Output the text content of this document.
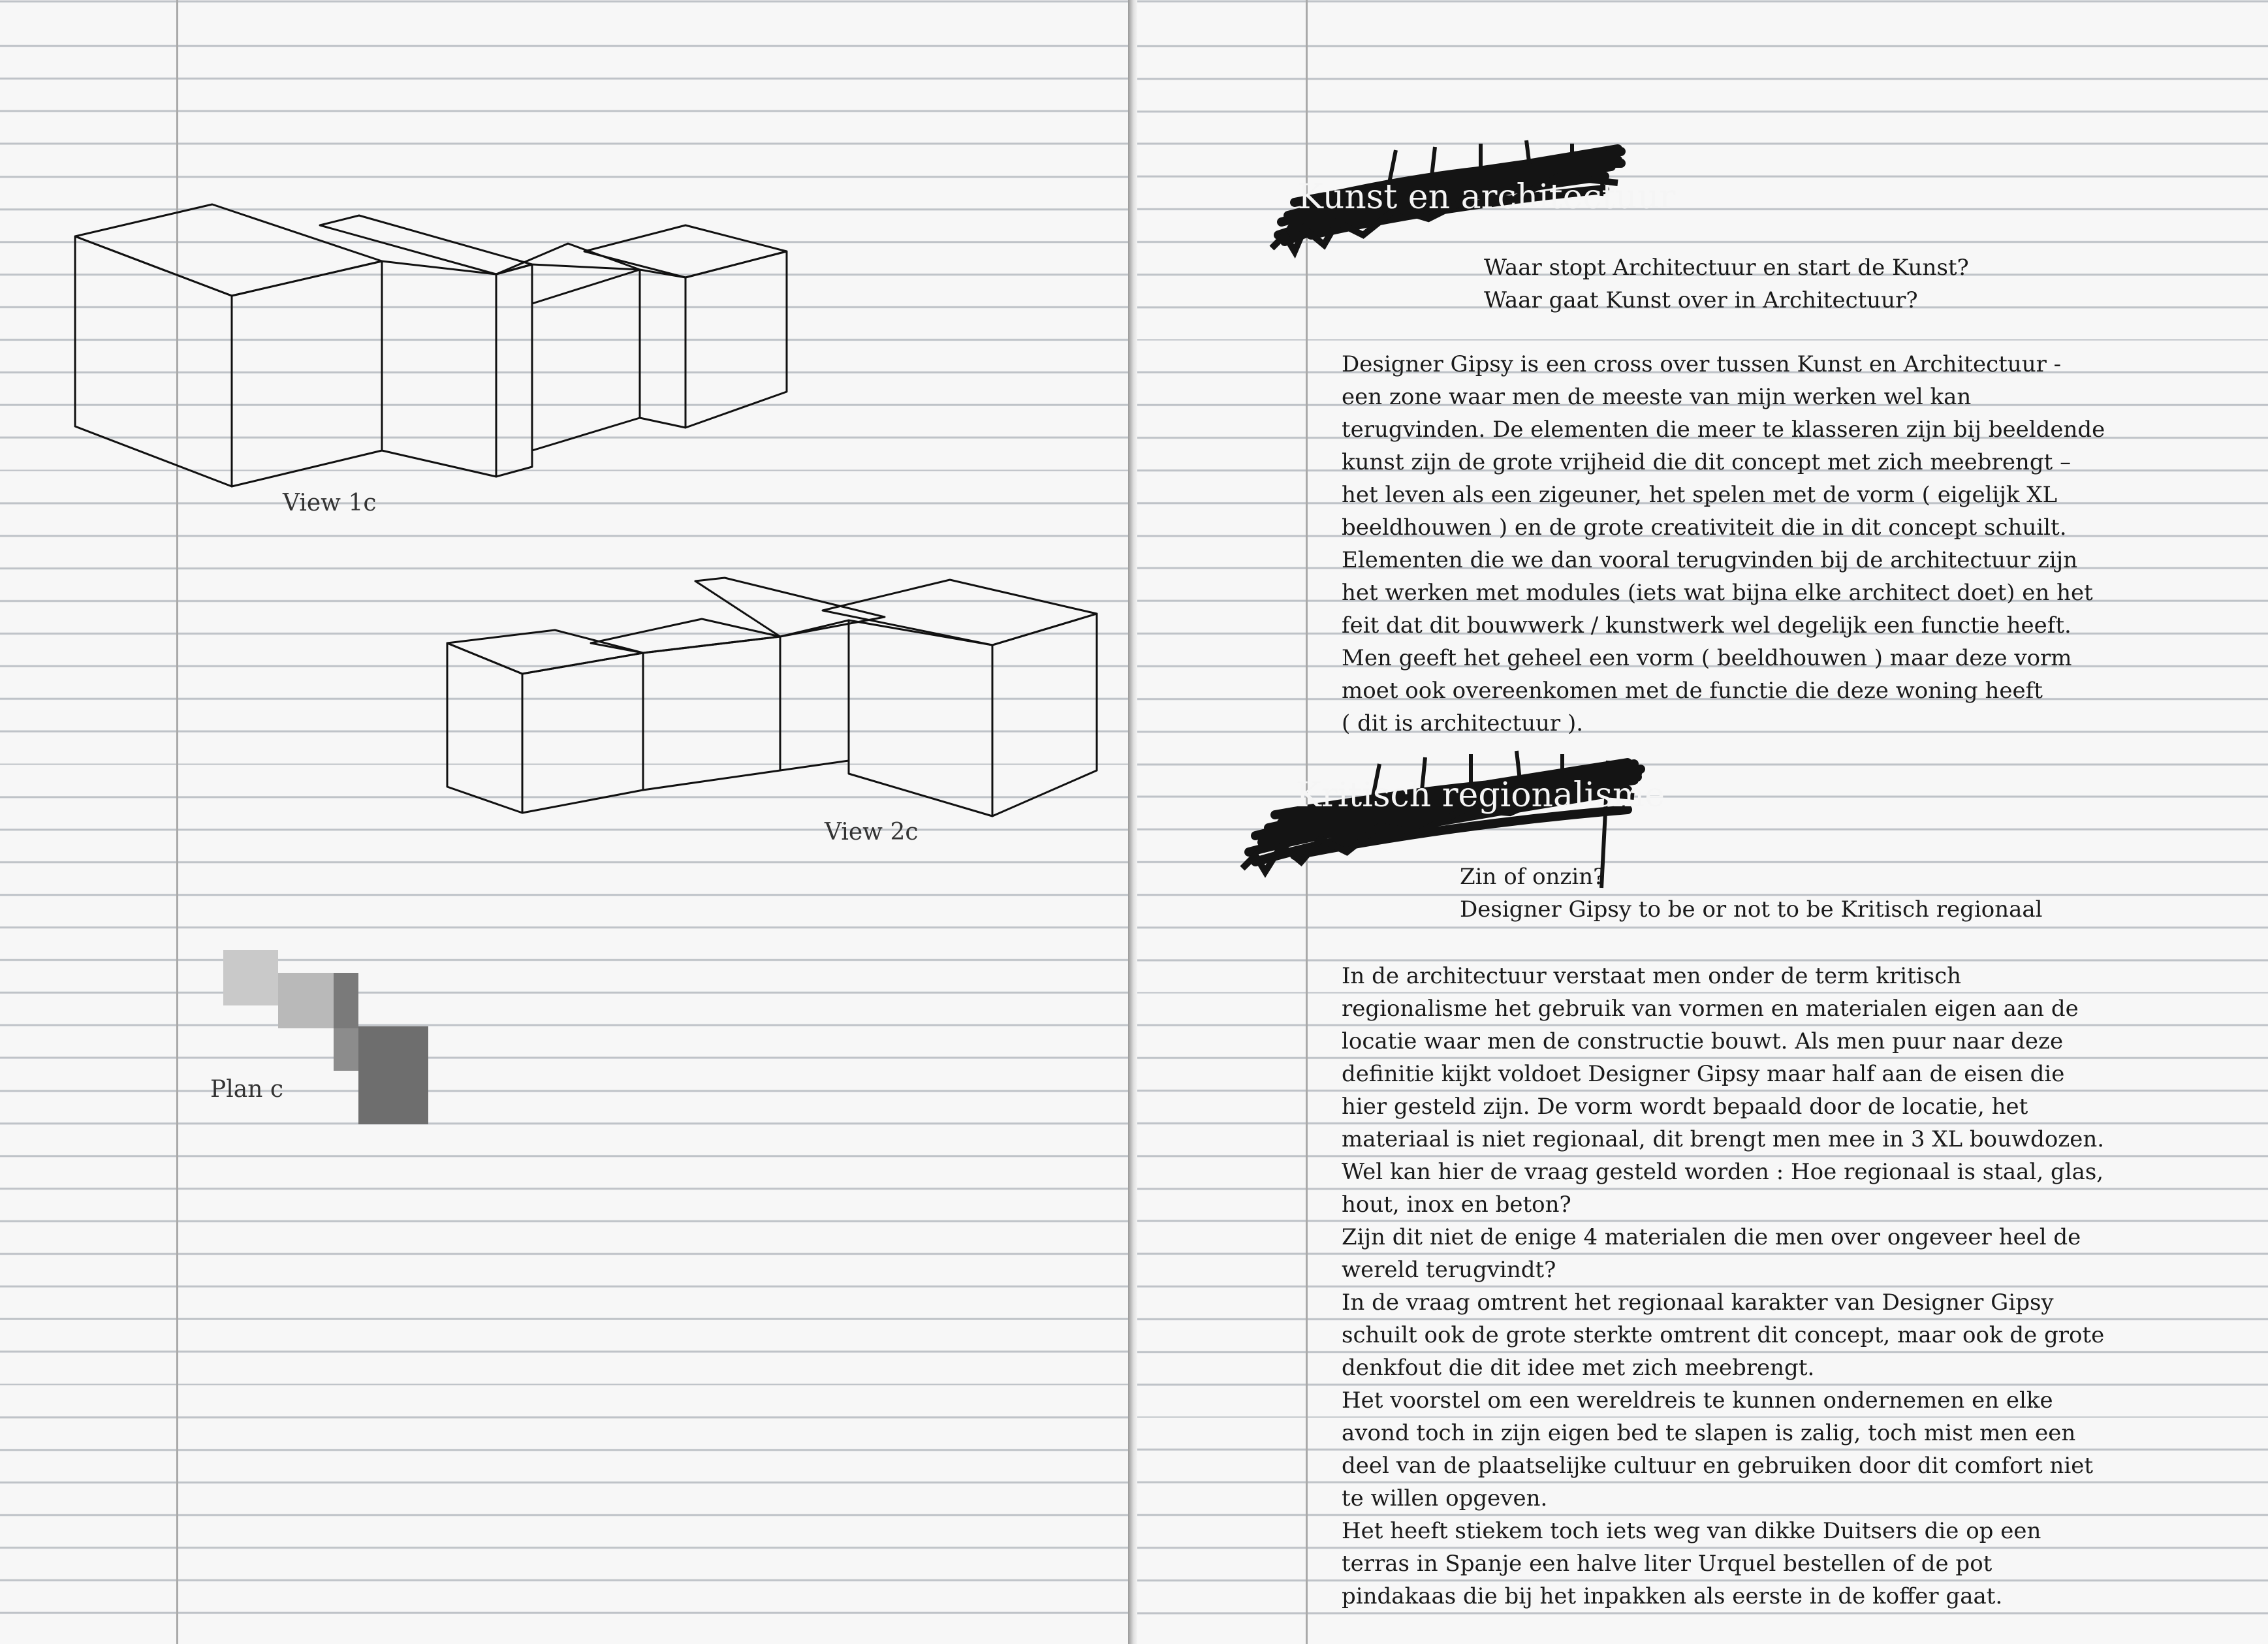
View 1c
View 2c
Plan c
Kunst en architectuur
Waar stopt Architectuur en start de Kunst?
Waar gaat Kunst over in Architectuur?
Designer Gipsy is een cross over tussen Kunst en Architectuur -
een zone waar men de meeste van mijn werken wel kan
terugvinden. De elementen die meer te klasseren zijn bij beeldende
kunst zijn de grote vrijheid die dit concept met zich meebrengt –
het leven als een zigeuner, het spelen met de vorm ( eigelijk XL
beeldhouwen ) en de grote creativiteit die in dit concept schuilt.
Elementen die we dan vooral terugvinden bij de architectuur zijn
het werken met modules (iets wat bijna elke architect doet) en het
feit dat dit bouwwerk / kunstwerk wel degelijk een functie heeft.
Men geeft het geheel een vorm ( beeldhouwen ) maar deze vorm
moet ook overeenkomen met de functie die deze woning heeft
( dit is architectuur ).
Kritisch regionalisme
Zin of onzin?
Designer Gipsy to be or not to be Kritisch regionaal
In de architectuur verstaat men onder de term kritisch
regionalisme het gebruik van vormen en materialen eigen aan de
locatie waar men de constructie bouwt. Als men puur naar deze
definitie kijkt voldoet Designer Gipsy maar half aan de eisen die
hier gesteld zijn. De vorm wordt bepaald door de locatie, het
materiaal is niet regionaal, dit brengt men mee in 3 XL bouwdozen.
Wel kan hier de vraag gesteld worden : Hoe regionaal is staal, glas,
hout, inox en beton?
Zijn dit niet de enige 4 materialen die men over ongeveer heel de
wereld terugvindt?
In de vraag omtrent het regionaal karakter van Designer Gipsy
schuilt ook de grote sterkte omtrent dit concept, maar ook de grote
denkfout die dit idee met zich meebrengt.
Het voorstel om een wereldreis te kunnen ondernemen en elke
avond toch in zijn eigen bed te slapen is zalig, toch mist men een
deel van de plaatselijke cultuur en gebruiken door dit comfort niet
te willen opgeven.
Het heeft stiekem toch iets weg van dikke Duitsers die op een
terras in Spanje een halve liter Urquel bestellen of de pot
pindakaas die bij het inpakken als eerste in de koffer gaat.
